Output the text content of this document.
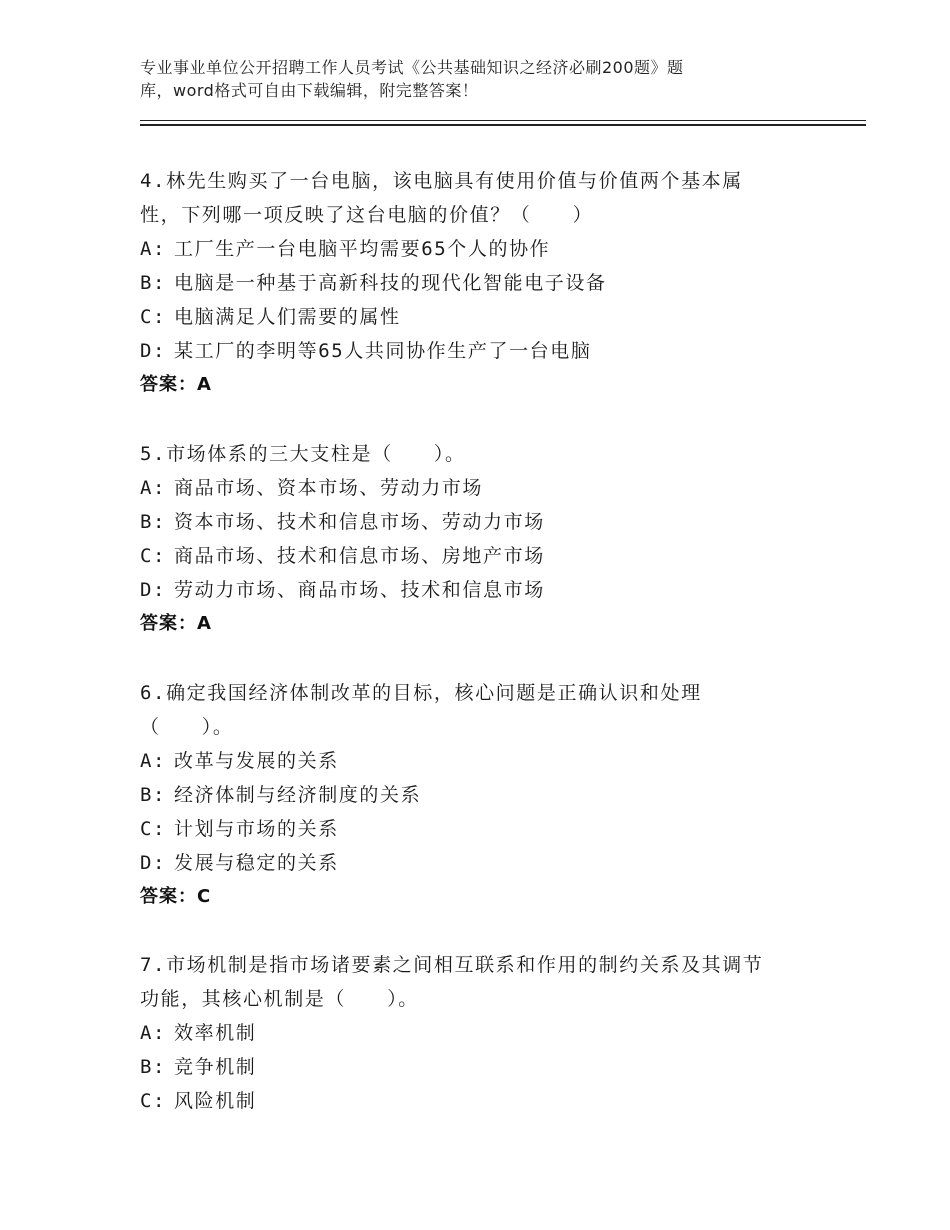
专业事业单位公开招聘工作人员考试《公共基础知识之经济必刷200题》题
库，word格式可自由下载编辑，附完整答案！
4.林先生购买了一台电脑，该电脑具有使用价值与价值两个基本属
性，下列哪一项反映了这台电脑的价值？（　　）
A: 工厂生产一台电脑平均需要65个人的协作
B: 电脑是一种基于高新科技的现代化智能电子设备
C: 电脑满足人们需要的属性
D: 某工厂的李明等65人共同协作生产了一台电脑
答案：A
5.市场体系的三大支柱是（　　）。
A: 商品市场、资本市场、劳动力市场
B: 资本市场、技术和信息市场、劳动力市场
C: 商品市场、技术和信息市场、房地产市场
D: 劳动力市场、商品市场、技术和信息市场
答案：A
6.确定我国经济体制改革的目标，核心问题是正确认识和处理
（　　）。
A: 改革与发展的关系
B: 经济体制与经济制度的关系
C: 计划与市场的关系
D: 发展与稳定的关系
答案：C
7.市场机制是指市场诸要素之间相互联系和作用的制约关系及其调节
功能，其核心机制是（　　）。
A: 效率机制
B: 竞争机制
C: 风险机制
